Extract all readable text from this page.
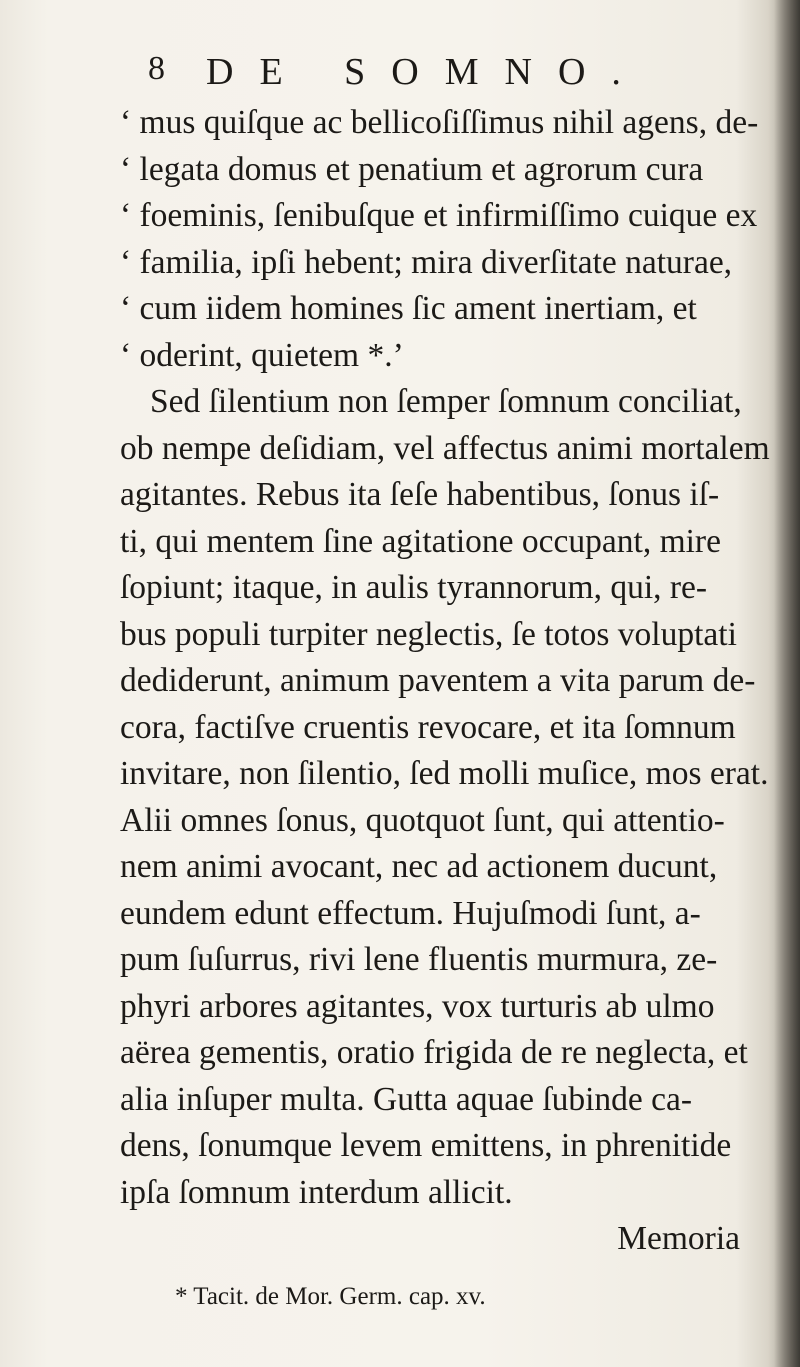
8 DE SOMNO.
‘ mus quiſque ac bellicoſiſſimus nihil agens, de-
‘ legata domus et penatium et agrorum cura
‘ foeminis, ſenibuſque et infirmiſſimo cuique ex
‘ familia, ipſi hebent; mira diverſitate naturae,
‘ cum iidem homines ſic ament inertiam, et
‘ oderint, quietem *.’
Sed ſilentium non ſemper ſomnum conciliat,
ob nempe deſidiam, vel affectus animi mortalem
agitantes. Rebus ita ſeſe habentibus, ſonus iſ-
ti, qui mentem ſine agitatione occupant, mire
ſopiunt; itaque, in aulis tyrannorum, qui, re-
bus populi turpiter neglectis, ſe totos voluptati
dediderunt, animum paventem a vita parum de-
cora, factiſve cruentis revocare, et ita ſomnum
invitare, non ſilentio, ſed molli muſice, mos erat.
Alii omnes ſonus, quotquot ſunt, qui attentio-
nem animi avocant, nec ad actionem ducunt,
eundem edunt effectum. Hujuſmodi ſunt, a-
pum ſuſurrus, rivi lene fluentis murmura, ze-
phyri arbores agitantes, vox turturis ab ulmo
aërea gementis, oratio frigida de re neglecta, et
alia inſuper multa. Gutta aquae ſubinde ca-
dens, ſonumque levem emittens, in phrenitide
ipſa ſomnum interdum allicit.
Memoria
* Tacit. de Mor. Germ. cap. xv.
